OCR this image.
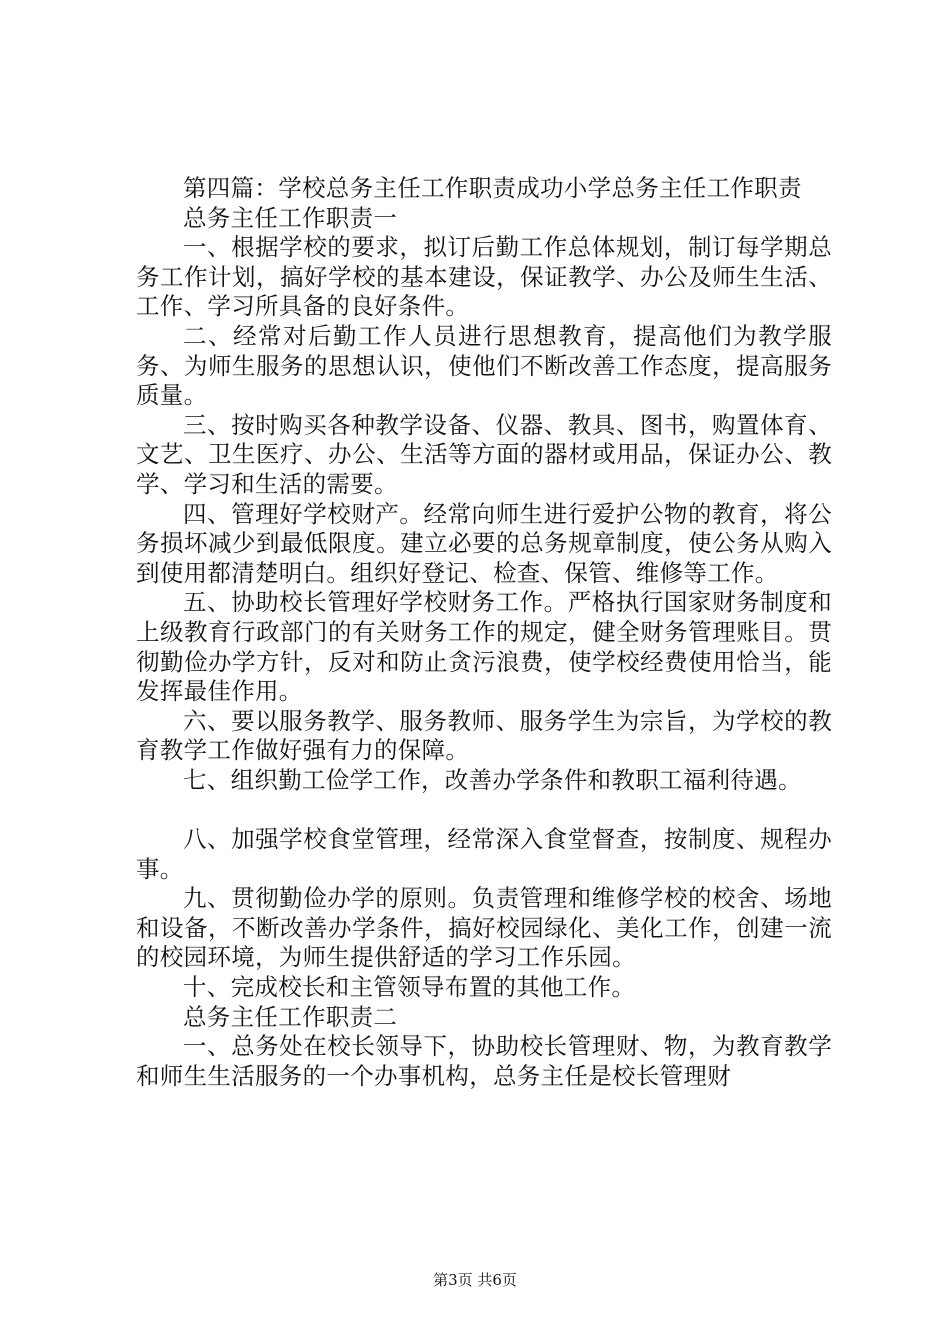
第四篇：学校总务主任工作职责成功小学总务主任工作职责

总务主任工作职责一

一、根据学校的要求，拟订后勤工作总体规划，制订每学期总务工作计划，搞好学校的基本建设，保证教学、办公及师生生活、工作、学习所具备的良好条件。

二、经常对后勤工作人员进行思想教育，提高他们为教学服务、为师生服务的思想认识，使他们不断改善工作态度，提高服务质量。

三、按时购买各种教学设备、仪器、教具、图书，购置体育、文艺、卫生医疗、办公、生活等方面的器材或用品，保证办公、教学、学习和生活的需要。

四、管理好学校财产。经常向师生进行爱护公物的教育，将公务损坏减少到最低限度。建立必要的总务规章制度，使公务从购入到使用都清楚明白。组织好登记、检查、保管、维修等工作。

五、协助校长管理好学校财务工作。严格执行国家财务制度和上级教育行政部门的有关财务工作的规定，健全财务管理账目。贯彻勤俭办学方针，反对和防止贪污浪费，使学校经费使用恰当，能发挥最佳作用。

六、要以服务教学、服务教师、服务学生为宗旨，为学校的教育教学工作做好强有力的保障。

七、组织勤工俭学工作，改善办学条件和教职工福利待遇。

八、加强学校食堂管理，经常深入食堂督查，按制度、规程办事。

九、贯彻勤俭办学的原则。负责管理和维修学校的校舍、场地和设备，不断改善办学条件，搞好校园绿化、美化工作，创建一流的校园环境，为师生提供舒适的学习工作乐园。

十、完成校长和主管领导布置的其他工作。

总务主任工作职责二

一、总务处在校长领导下，协助校长管理财、物，为教育教学和师生生活服务的一个办事机构，总务主任是校长管理财

第3页 共6页
